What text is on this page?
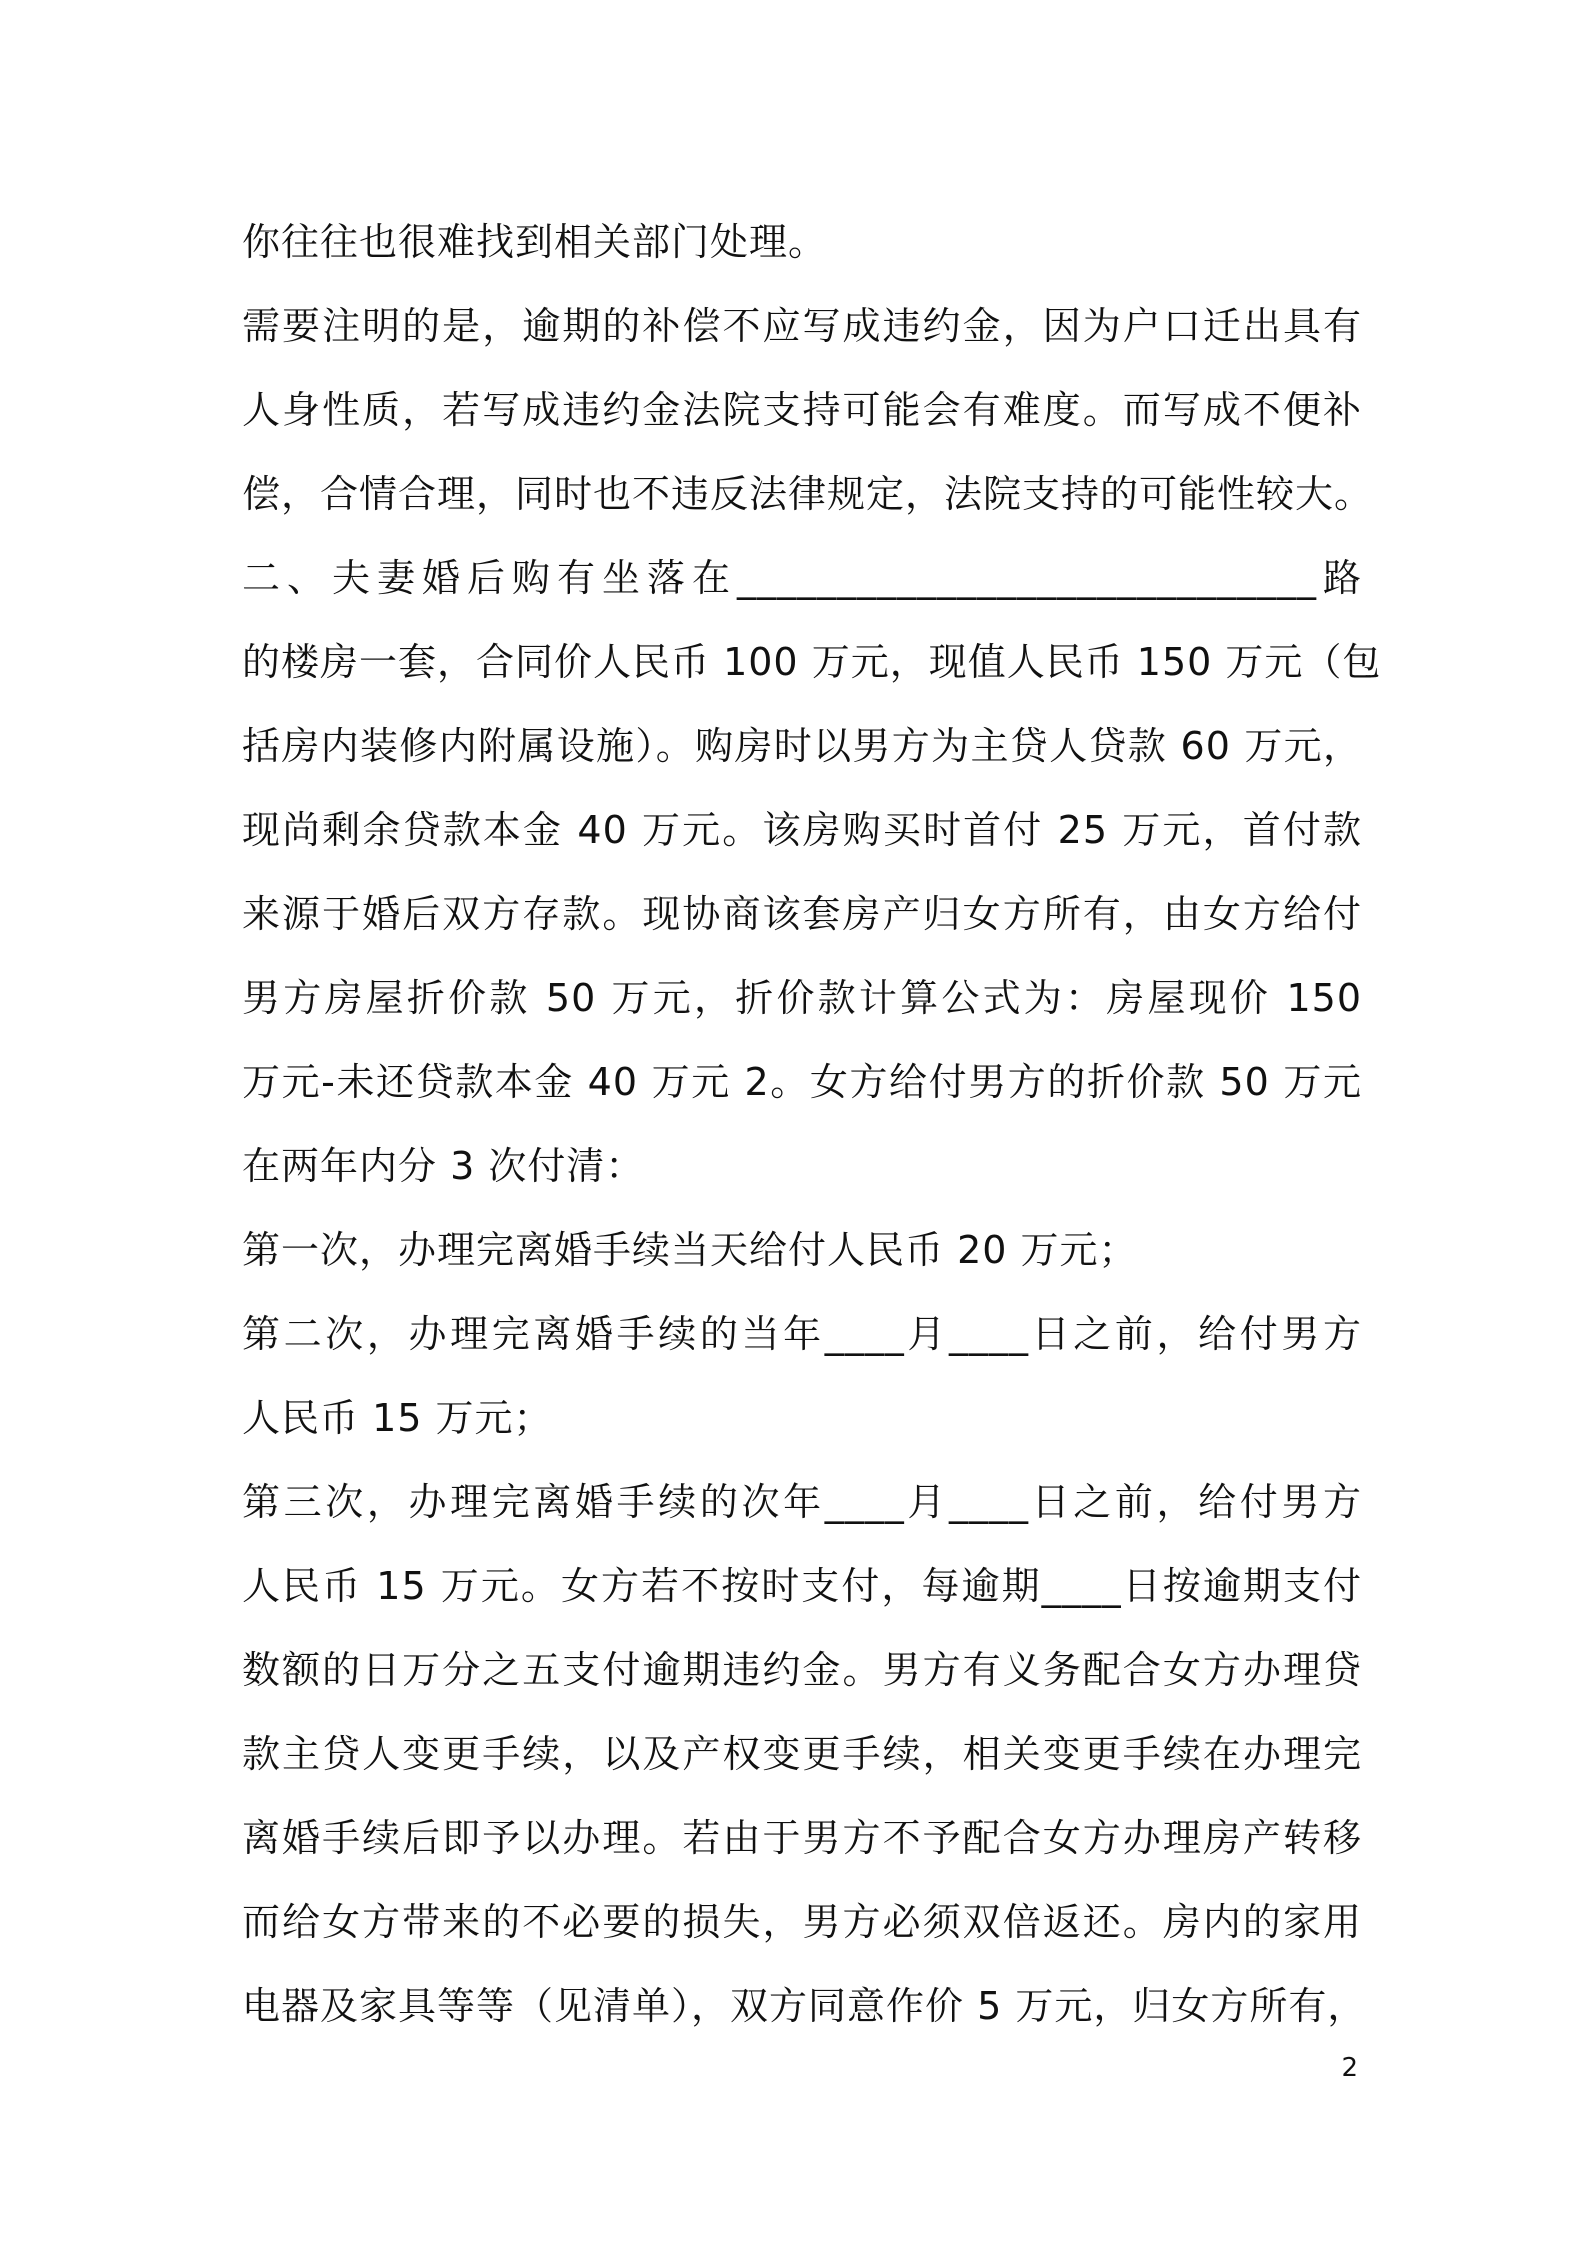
你往往也很难找到相关部门处理。
需要注明的是，逾期的补偿不应写成违约金，因为户口迁出具有
人身性质，若写成违约金法院支持可能会有难度。而写成不便补
偿，合情合理，同时也不违反法律规定，法院支持的可能性较大。
二、夫妻婚后购有坐落在_____________________________路
的楼房一套，合同价人民币 100 万元，现值人民币 150 万元（包
括房内装修内附属设施）。购房时以男方为主贷人贷款 60 万元，
现尚剩余贷款本金 40 万元。该房购买时首付 25 万元，首付款
来源于婚后双方存款。现协商该套房产归女方所有，由女方给付
男方房屋折价款 50 万元，折价款计算公式为：房屋现价 150
万元-未还贷款本金 40 万元 2。女方给付男方的折价款 50 万元
在两年内分 3 次付清：
第一次，办理完离婚手续当天给付人民币 20 万元；
第二次，办理完离婚手续的当年____月____日之前，给付男方
人民币 15 万元；
第三次，办理完离婚手续的次年____月____日之前，给付男方
人民币 15 万元。女方若不按时支付，每逾期____日按逾期支付
数额的日万分之五支付逾期违约金。男方有义务配合女方办理贷
款主贷人变更手续，以及产权变更手续，相关变更手续在办理完
离婚手续后即予以办理。若由于男方不予配合女方办理房产转移
而给女方带来的不必要的损失，男方必须双倍返还。房内的家用
电器及家具等等（见清单），双方同意作价 5 万元，归女方所有，
2
